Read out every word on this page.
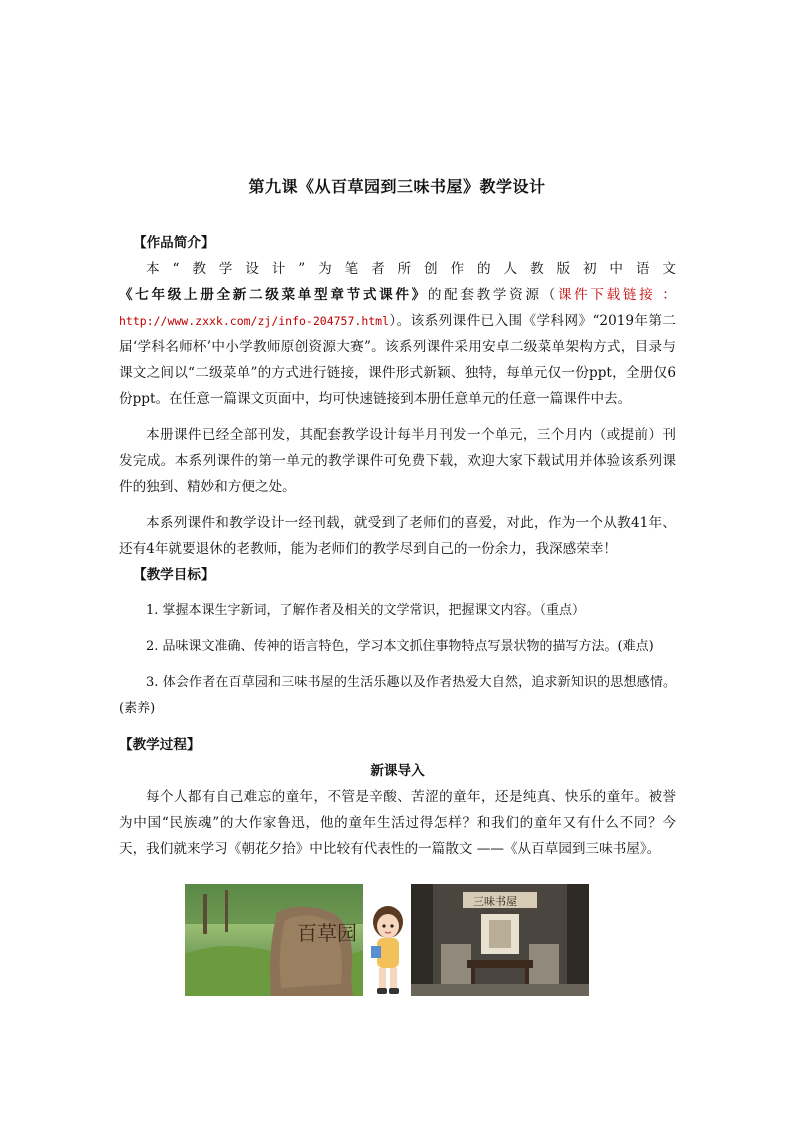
第九课《从百草园到三味书屋》教学设计
【作品简介】

本“教学设计”为笔者所创作的人教版初中语文《七年级上册全新二级菜单型章节式课件》的配套教学资源（课件下载链接 ：http://www.zxxk.com/zj/info-204757.html）。该系列课件已入围《学科网》“2019年第二届‘学科名师杯’中小学教师原创资源大赛”。该系列课件采用安卓二级菜单架构方式，目录与课文之间以“二级菜单”的方式进行链接，课件形式新颖、独特，每单元仅一份ppt，全册仅6份ppt。在任意一篇课文页面中，均可快速链接到本册任意单元的任意一篇课件中去。

本册课件已经全部刊发，其配套教学设计每半月刊发一个单元，三个月内（或提前）刊发完成。本系列课件的第一单元的教学课件可免费下载，欢迎大家下载试用并体验该系列课件的独到、精妙和方便之处。

本系列课件和教学设计一经刊载，就受到了老师们的喜爱，对此，作为一个从教41年、还有4年就要退休的老教师，能为老师们的教学尽到自己的一份余力，我深感荣幸！

【教学目标】

1. 掌握本课生字新词，了解作者及相关的文学常识，把握课文内容。（重点）

2. 品味课文准确、传神的语言特色，学习本文抓住事物特点写景状物的描写方法。(难点)

3. 体会作者在百草园和三味书屋的生活乐趣以及作者热爱大自然，追求新知识的思想感情。(素养)

【教学过程】
新课导入

每个人都有自己难忘的童年，不管是辛酸、苦涩的童年，还是纯真、快乐的童年。被誉为中国“民族魂”的大作家鲁迅，他的童年生活过得怎样？和我们的童年又有什么不同？今天，我们就来学习《朝花夕拾》中比较有代表性的一篇散文 ——《从百草园到三味书屋》。

百草园
三味书屋
